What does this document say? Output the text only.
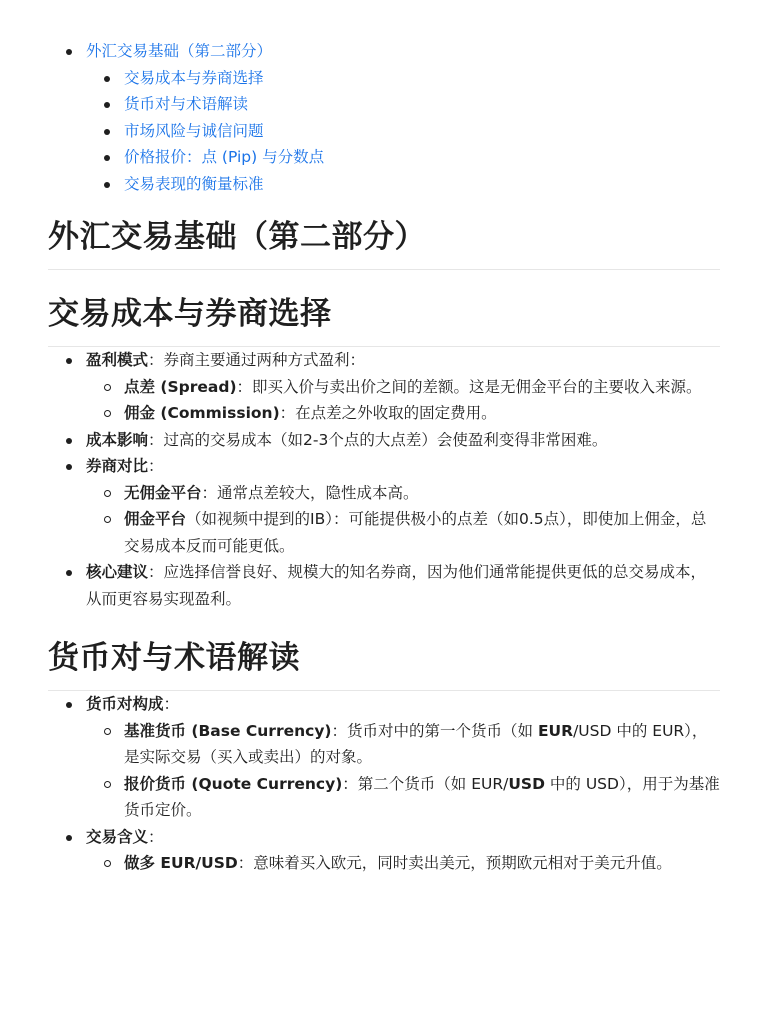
外汇交易基础（第二部分）
交易成本与券商选择
货币对与术语解读
市场风险与诚信问题
价格报价：点 (Pip) 与分数点
交易表现的衡量标准
外汇交易基础（第二部分）
交易成本与券商选择
盈利模式：券商主要通过两种方式盈利：
点差 (Spread)：即买入价与卖出价之间的差额。这是无佣金平台的主要收入来源。
佣金 (Commission)：在点差之外收取的固定费用。
成本影响：过高的交易成本（如2-3个点的大点差）会使盈利变得非常困难。
券商对比：
无佣金平台：通常点差较大，隐性成本高。
佣金平台（如视频中提到的IB）：可能提供极小的点差（如0.5点），即使加上佣金，总交易成本反而可能更低。
核心建议：应选择信誉良好、规模大的知名券商，因为他们通常能提供更低的总交易成本，从而更容易实现盈利。
货币对与术语解读
货币对构成：
基准货币 (Base Currency)：货币对中的第一个货币（如 EUR/USD 中的 EUR），是实际交易（买入或卖出）的对象。
报价货币 (Quote Currency)：第二个货币（如 EUR/USD 中的 USD），用于为基准货币定价。
交易含义：
做多 EUR/USD：意味着买入欧元，同时卖出美元，预期欧元相对于美元升值。
